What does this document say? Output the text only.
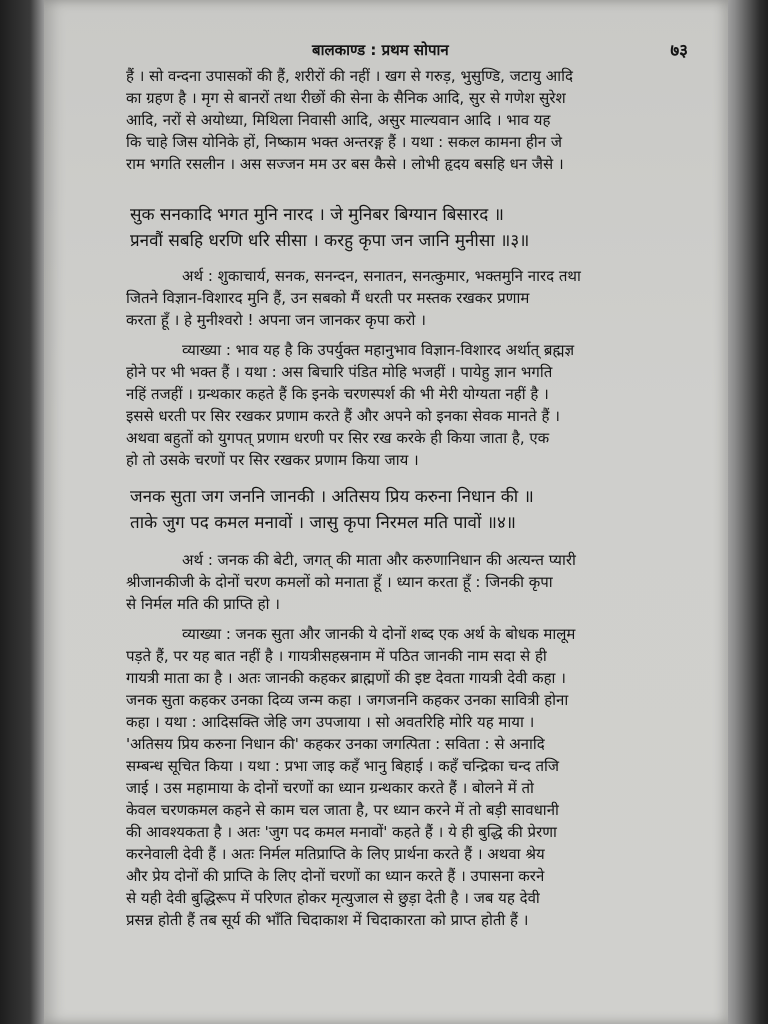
बालकाण्ड : प्रथम सोपान	७३
हैं । सो वन्दना उपासकों की हैं, शरीरों की नहीं । खग से गरुड़, भुसुण्डि, जटायु आदि
का ग्रहण है । मृग से बानरों तथा रीछों की सेना के सैनिक आदि, सुर से गणेश सुरेश
आदि, नरों से अयोध्या, मिथिला निवासी आदि, असुर माल्यवान आदि । भाव यह
कि चाहे जिस योनिके हों, निष्काम भक्त अन्तरङ्ग हैं । यथा : सकल कामना हीन जे
राम भगति रसलीन । अस सज्जन मम उर बस कैसे । लोभी हृदय बसहि धन जैसे ।
सुक सनकादि भगत मुनि नारद । जे मुनिबर बिग्यान बिसारद ॥
प्रनवौं सबहि धरणि धरि सीसा । करहु कृपा जन जानि मुनीसा ॥३॥
अर्थ : शुकाचार्य, सनक, सनन्दन, सनातन, सनत्कुमार, भक्तमुनि नारद तथा
जितने विज्ञान-विशारद मुनि हैं, उन सबको मैं धरती पर मस्तक रखकर प्रणाम
करता हूँ । हे मुनीश्वरो ! अपना जन जानकर कृपा करो ।
व्याख्या : भाव यह है कि उपर्युक्त महानुभाव विज्ञान-विशारद अर्थात् ब्रह्मज्ञ
होने पर भी भक्त हैं । यथा : अस बिचारि पंडित मोहि भजहीं । पायेहु ज्ञान भगति
नहिं तजहीं । ग्रन्थकार कहते हैं कि इनके चरणस्पर्श की भी मेरी योग्यता नहीं है ।
इससे धरती पर सिर रखकर प्रणाम करते हैं और अपने को इनका सेवक मानते हैं ।
अथवा बहुतों को युगपत् प्रणाम धरणी पर सिर रख करके ही किया जाता है, एक
हो तो उसके चरणों पर सिर रखकर प्रणाम किया जाय ।
जनक सुता जग जननि जानकी । अतिसय प्रिय करुना निधान की ॥
ताके जुग पद कमल मनावों । जासु कृपा निरमल मति पावों ॥४॥
अर्थ : जनक की बेटी, जगत् की माता और करुणानिधान की अत्यन्त प्यारी
श्रीजानकीजी के दोनों चरण कमलों को मनाता हूँ । ध्यान करता हूँ : जिनकी कृपा
से निर्मल मति की प्राप्ति हो ।
व्याख्या : जनक सुता और जानकी ये दोनों शब्द एक अर्थ के बोधक मालूम
पड़ते हैं, पर यह बात नहीं है । गायत्रीसहस्रनाम में पठित जानकी नाम सदा से ही
गायत्री माता का है । अतः जानकी कहकर ब्राह्मणों की इष्ट देवता गायत्री देवी कहा ।
जनक सुता कहकर उनका दिव्य जन्म कहा । जगजननि कहकर उनका सावित्री होना
कहा । यथा : आदिसक्ति जेहि जग उपजाया । सो अवतरिहि मोरि यह माया ।
'अतिसय प्रिय करुना निधान की' कहकर उनका जगत्पिता : सविता : से अनादि
सम्बन्ध सूचित किया । यथा : प्रभा जाइ कहँ भानु बिहाई । कहँ चन्द्रिका चन्द तजि
जाई । उस महामाया के दोनों चरणों का ध्यान ग्रन्थकार करते हैं । बोलने में तो
केवल चरणकमल कहने से काम चल जाता है, पर ध्यान करने में तो बड़ी सावधानी
की आवश्यकता है । अतः 'जुग पद कमल मनावों' कहते हैं । ये ही बुद्धि की प्रेरणा
करनेवाली देवी हैं । अतः निर्मल मतिप्राप्ति के लिए प्रार्थना करते हैं । अथवा श्रेय
और प्रेय दोनों की प्राप्ति के लिए दोनों चरणों का ध्यान करते हैं । उपासना करने
से यही देवी बुद्धिरूप में परिणत होकर मृत्युजाल से छुड़ा देती है । जब यह देवी
प्रसन्न होती हैं तब सूर्य की भाँति चिदाकाश में चिदाकारता को प्राप्त होती हैं ।
